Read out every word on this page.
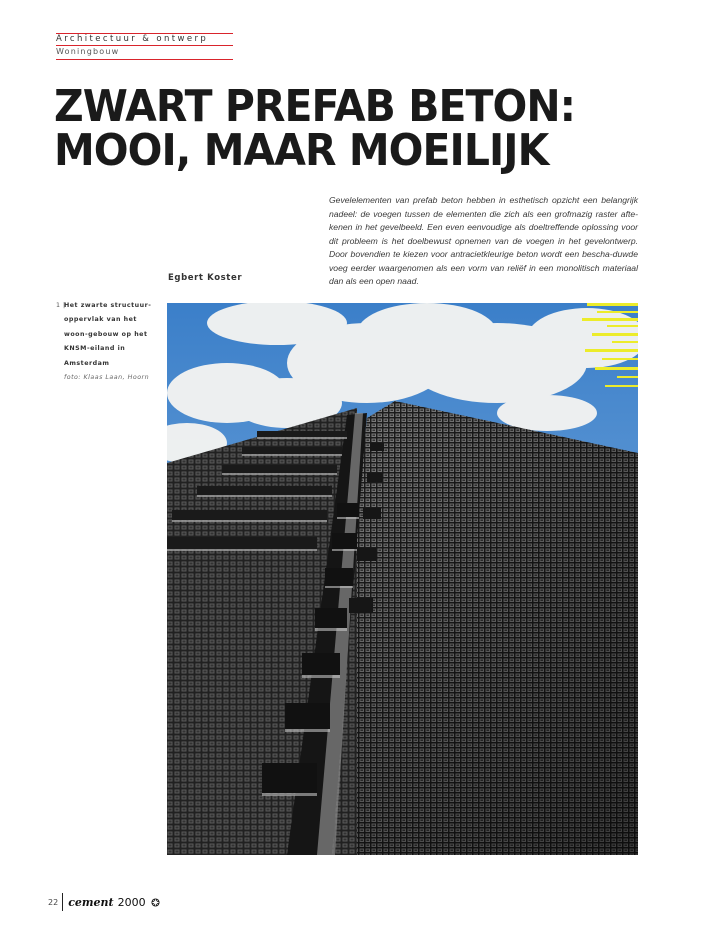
Architectuur & ontwerp
Woningbouw
ZWART PREFAB BETON:
MOOI, MAAR MOEILIJK
Gevelelementen van prefab beton hebben in esthetisch opzicht een belangrijk nadeel: de voegen tussen de elementen die zich als een grofmazig raster afte-kenen in het gevelbeeld. Een even eenvoudige als doeltreffende oplossing voor dit probleem is het doelbewust opnemen van de voegen in het gevelontwerp. Door bovendien te kiezen voor antracietkleurige beton wordt een bescha-duwde voeg eerder waargenomen als een vorm van reliëf in een monolitisch materiaal dan als een open naad.
Egbert Koster
1 |
Het zwarte structuur-oppervlak van het woon-gebouw op het KNSM-eiland in Amsterdam
foto: Klaas Laan, Hoorn
22 cement 2000
